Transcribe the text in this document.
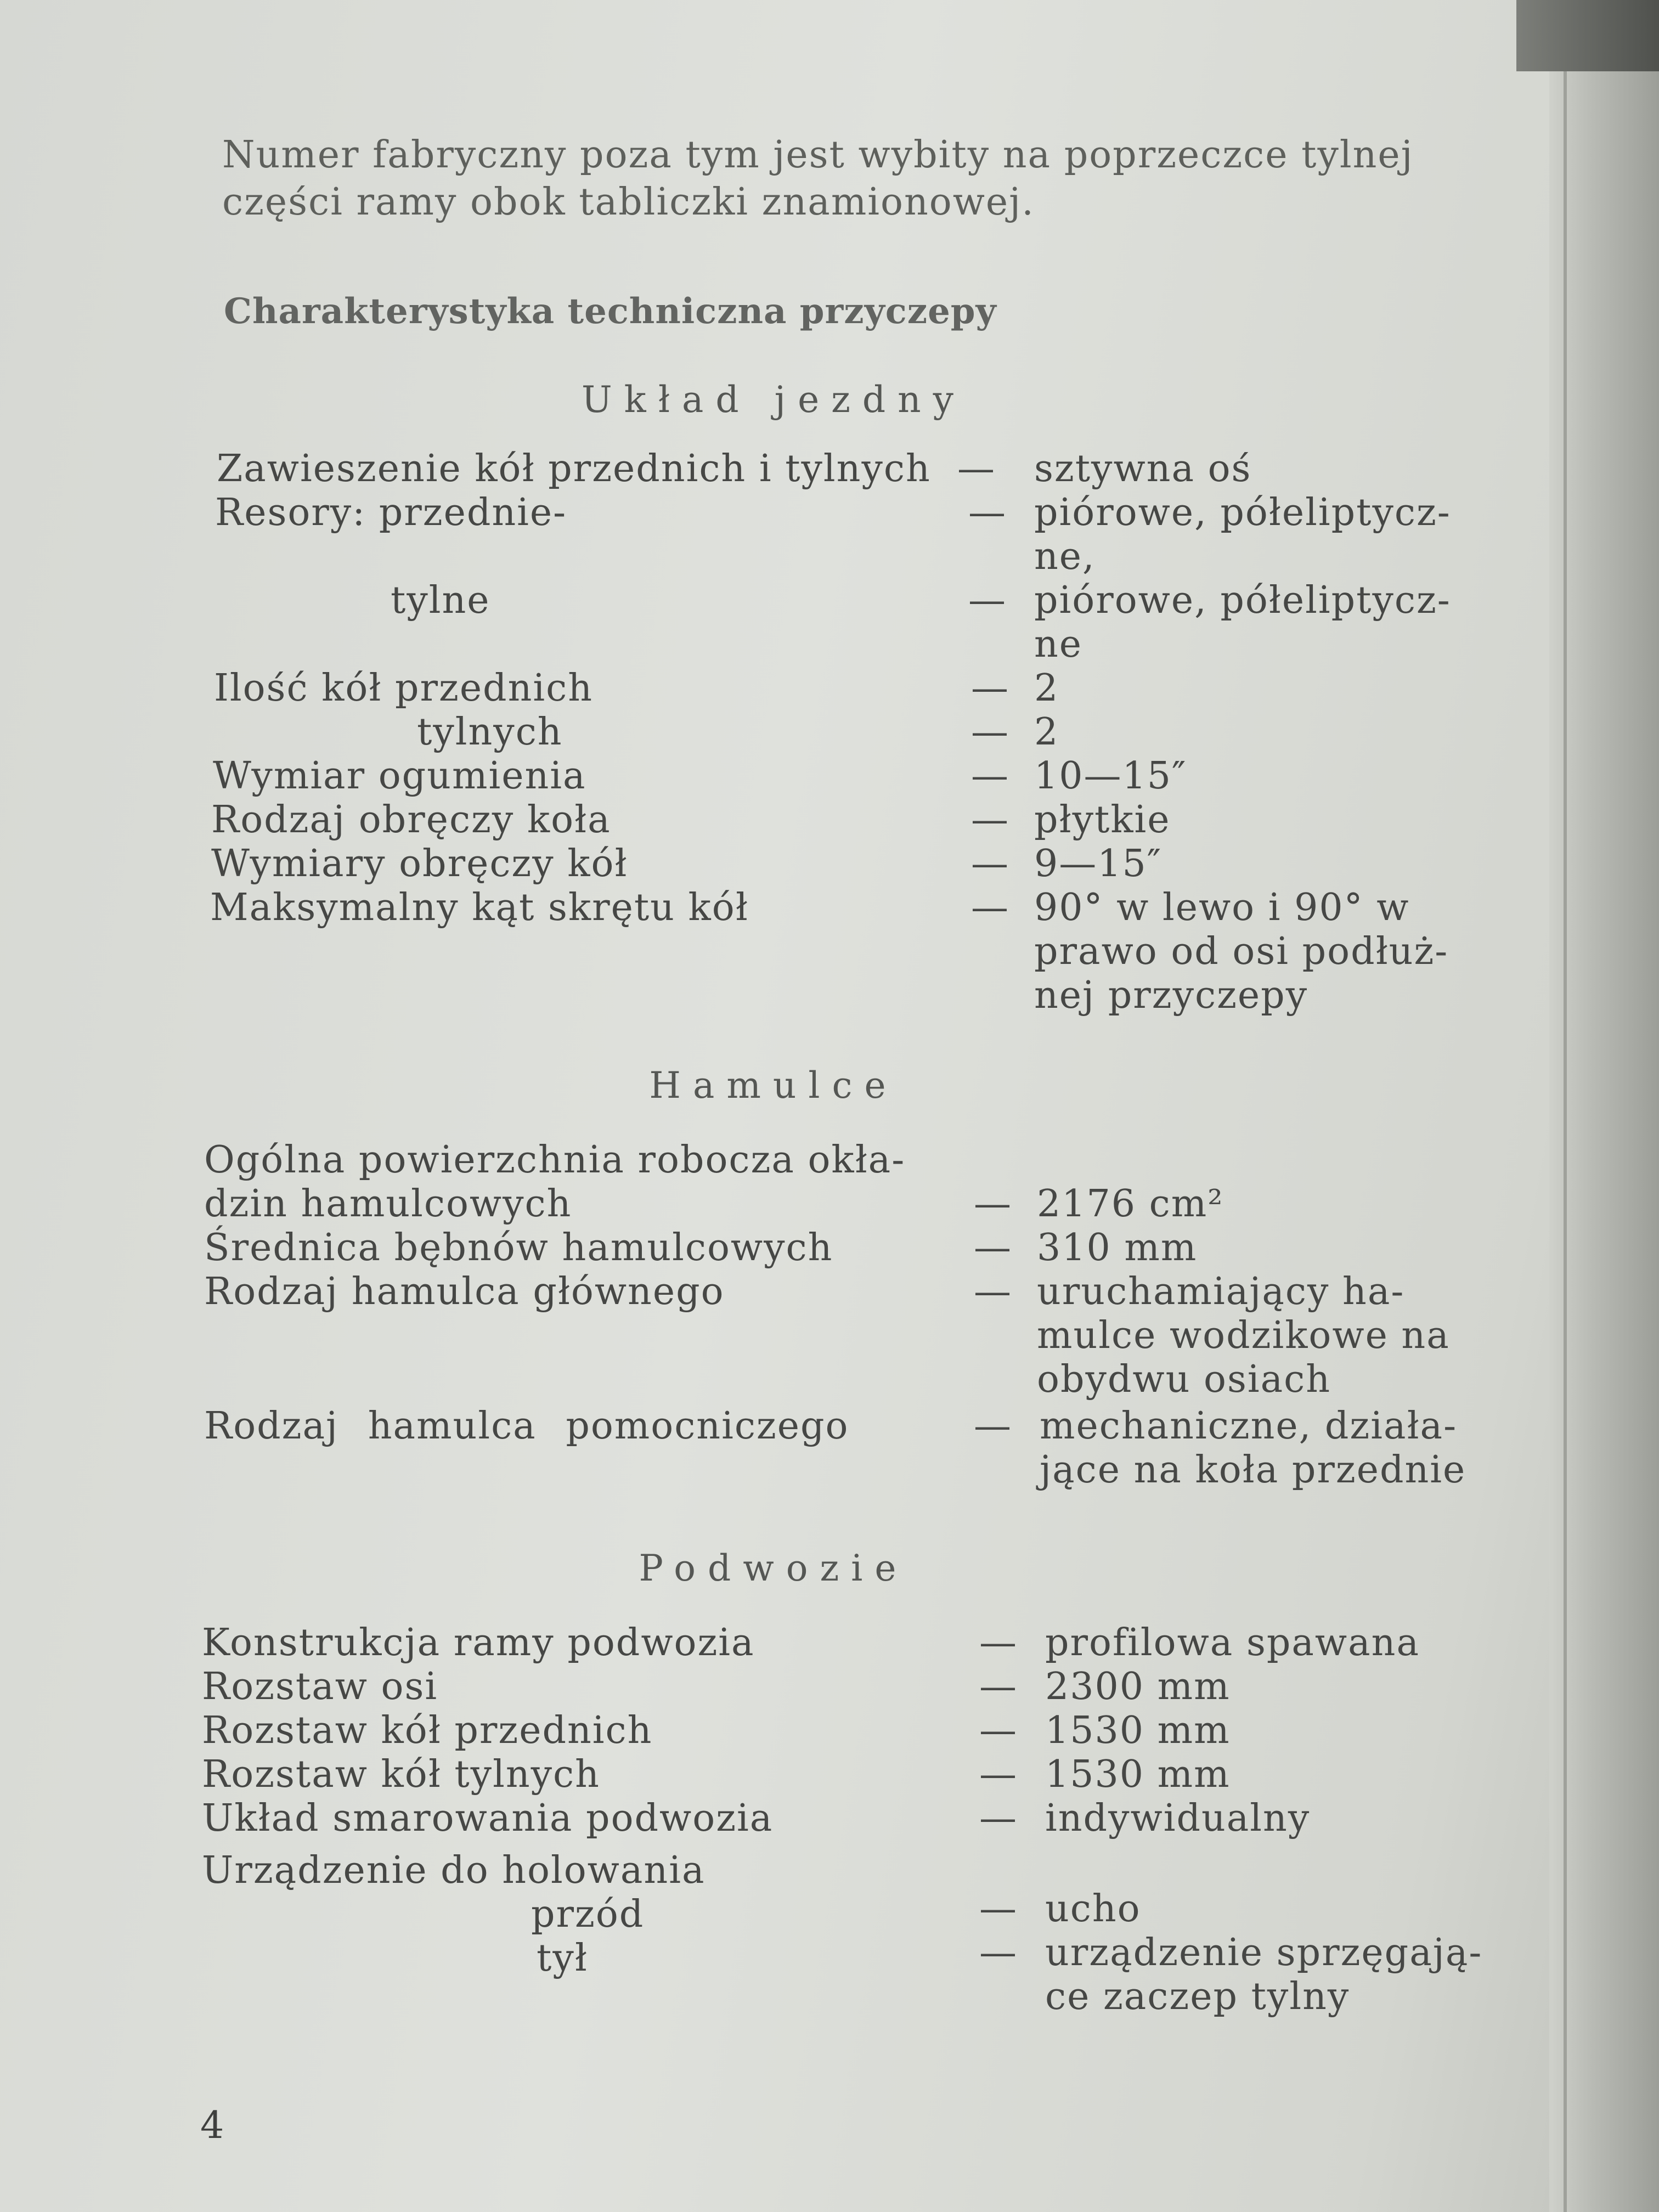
Numer fabryczny poza tym jest wybity na poprzeczce tylnej części ramy obok tabliczki znamionowej.

Charakterystyka techniczna przyczepy
Układ jezdny
Zawieszenie kół przednich i tylnych — sztywna oś
Resory: przednie-	— piórowe, półeliptycz-ne,
tylne	— piórowe, półeliptycz-ne
Ilość kół przednich	— 2
tylnych	— 2
Wymiar ogumienia	— 10—15″
Rodzaj obręczy koła	— płytkie
Wymiary obręczy kół	— 9—15″
Maksymalny kąt skrętu kół	— 90° w lewo i 90° w prawo od osi podłuż-nej przyczepy
Hamulce
Ogólna powierzchnia robocza okła-dzin hamulcowych	— 2176 cm²
Średnica bębnów hamulcowych	— 310 mm
Rodzaj hamulca głównego	— uruchamiający ha-mulce wodzikowe na obydwu osiach
Rodzaj hamulca pomocniczego	— mechaniczne, działa-jące na koła przednie
Podwozie
Konstrukcja ramy podwozia	— profilowa spawana
Rozstaw osi	— 2300 mm
Rozstaw kół przednich	— 1530 mm
Rozstaw kół tylnych	— 1530 mm
Układ smarowania podwozia	— indywidualny
Urządzenie do holowania
przód	— ucho
tył	— urządzenie sprzęgają-ce zaczep tylny
4
